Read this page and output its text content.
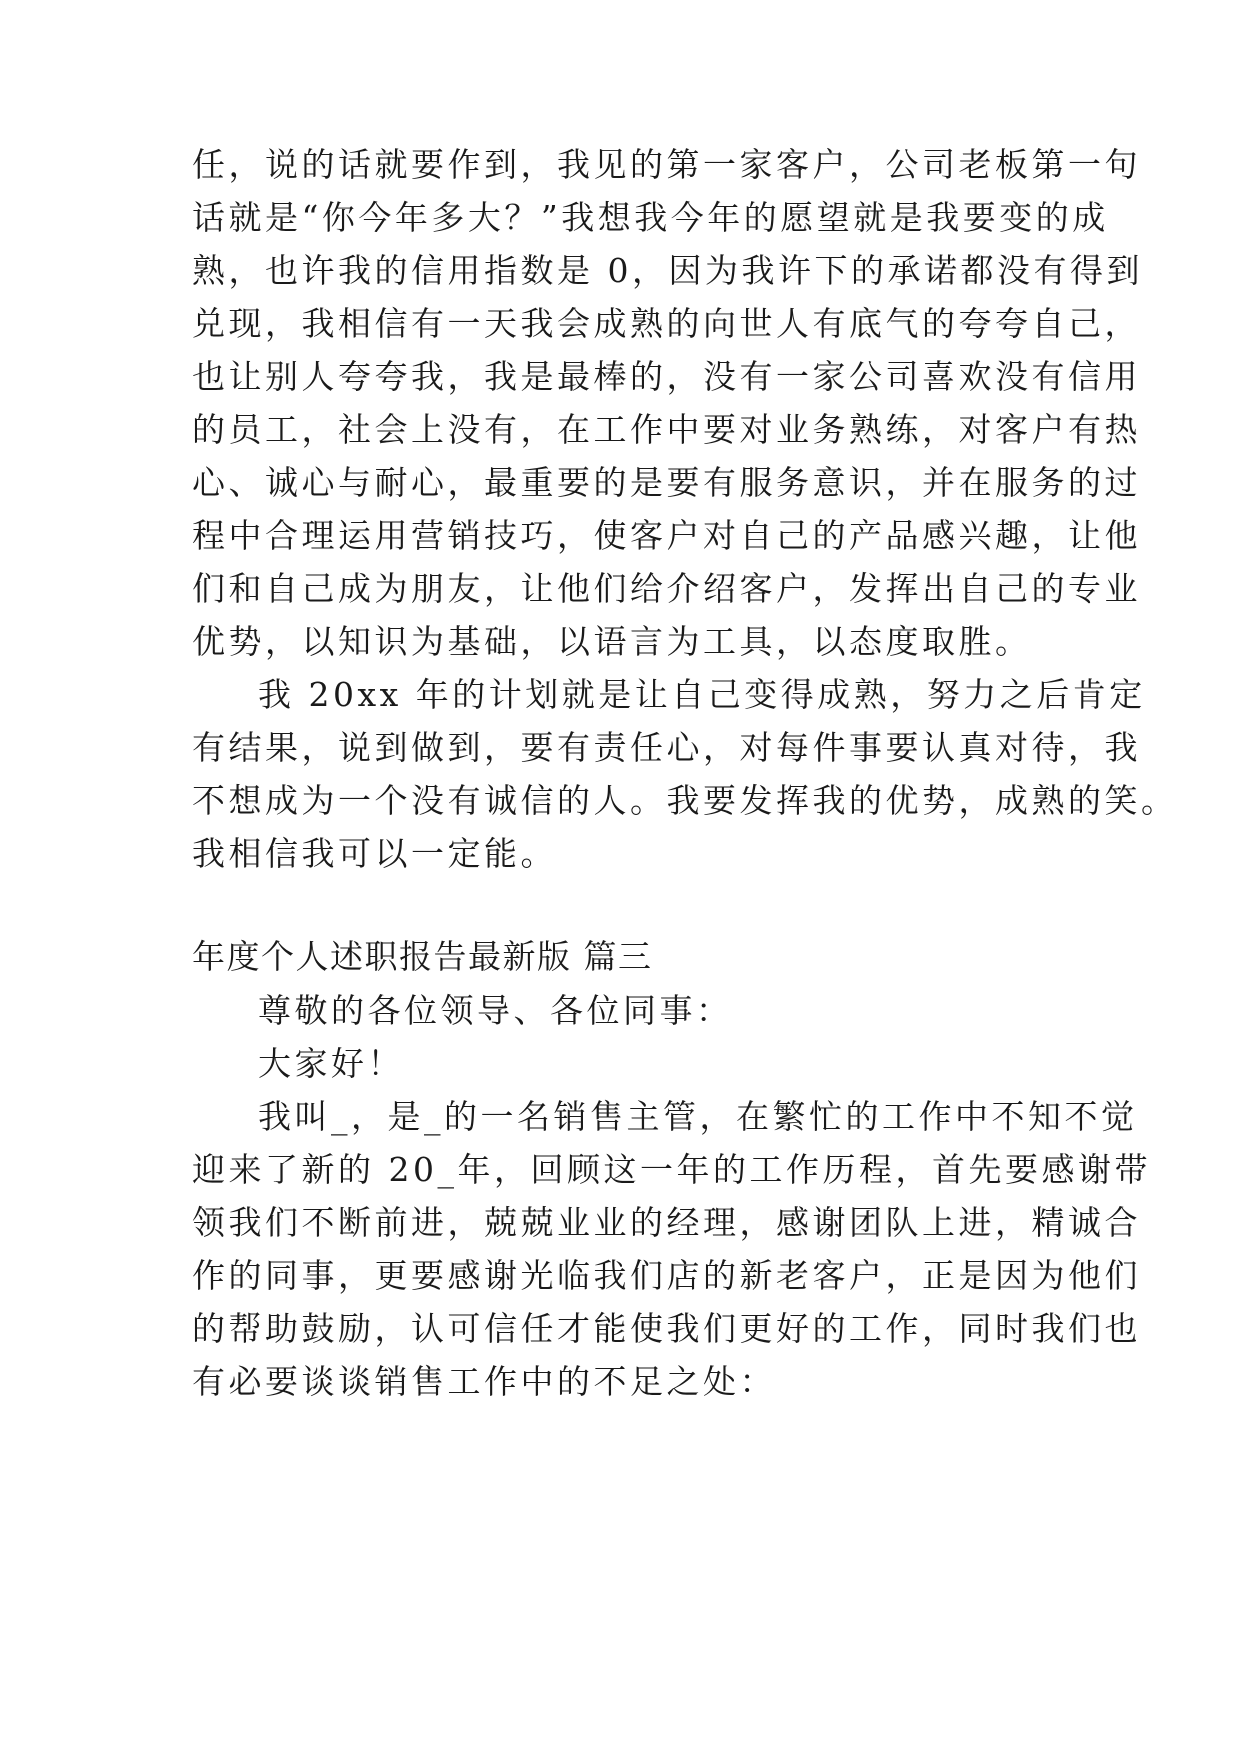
任，说的话就要作到，我见的第一家客户，公司老板第一句
话就是“你今年多大？”我想我今年的愿望就是我要变的成
熟，也许我的信用指数是 0，因为我许下的承诺都没有得到
兑现，我相信有一天我会成熟的向世人有底气的夸夸自己，
也让别人夸夸我，我是最棒的，没有一家公司喜欢没有信用
的员工，社会上没有，在工作中要对业务熟练，对客户有热
心、诚心与耐心，最重要的是要有服务意识，并在服务的过
程中合理运用营销技巧，使客户对自己的产品感兴趣，让他
们和自己成为朋友，让他们给介绍客户，发挥出自己的专业
优势，以知识为基础，以语言为工具，以态度取胜。
我 20xx 年的计划就是让自己变得成熟，努力之后肯定
有结果，说到做到，要有责任心，对每件事要认真对待，我
不想成为一个没有诚信的人。我要发挥我的优势，成熟的笑。
我相信我可以一定能。
年度个人述职报告最新版 篇三
尊敬的各位领导、各位同事：
大家好！
我叫_，是_的一名销售主管，在繁忙的工作中不知不觉
迎来了新的 20_年，回顾这一年的工作历程，首先要感谢带
领我们不断前进，兢兢业业的经理，感谢团队上进，精诚合
作的同事，更要感谢光临我们店的新老客户，正是因为他们
的帮助鼓励，认可信任才能使我们更好的工作，同时我们也
有必要谈谈销售工作中的不足之处：
